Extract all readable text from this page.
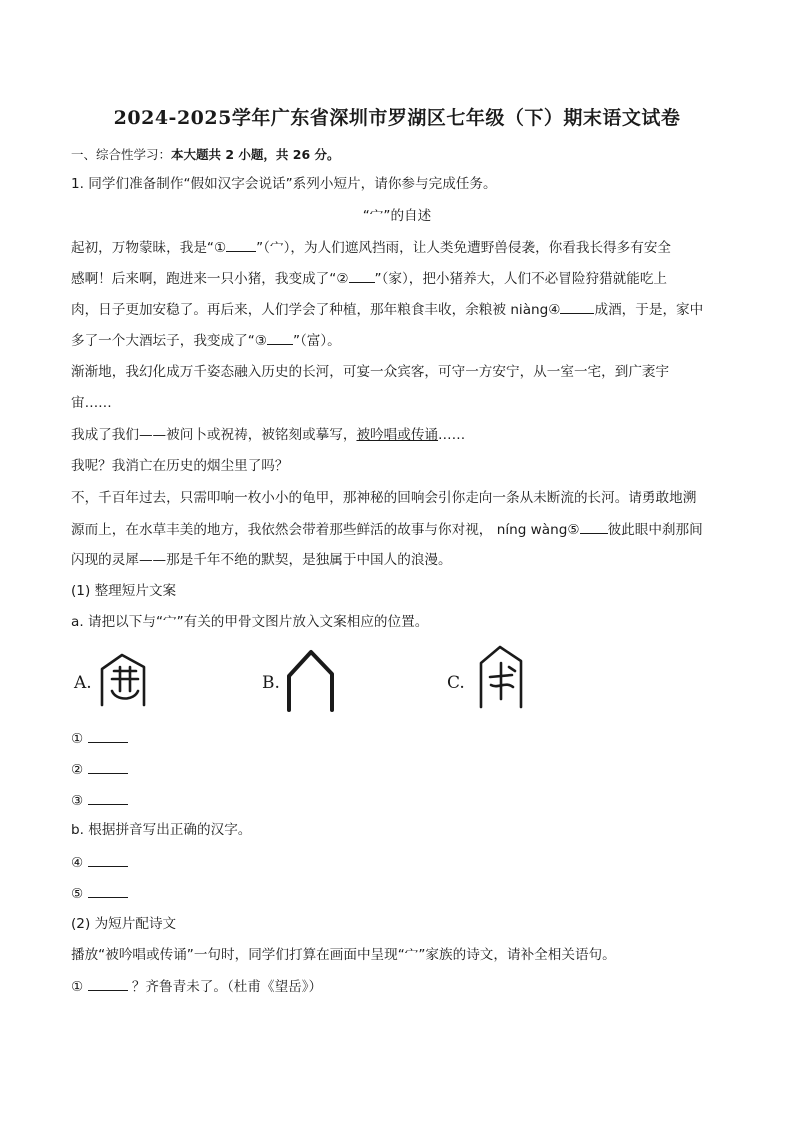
2024-2025学年广东省深圳市罗湖区七年级（下）期末语文试卷
一、综合性学习：本大题共 2 小题，共 26 分。
1. 同学们准备制作“假如汉字会说话”系列小短片，请你参与完成任务。
“宀”的自述
起初，万物蒙昧，我是“① ”（宀），为人们遮风挡雨，让人类免遭野兽侵袭，你看我长得多有安全
感啊！后来啊，跑进来一只小猪，我变成了“② ”（家），把小猪养大，人们不必冒险狩猎就能吃上
肉，日子更加安稳了。再后来，人们学会了种植，那年粮食丰收，余粮被 niàng④	成酒，于是，家中
多了一个大酒坛子，我变成了“③ ”（富）。
渐渐地，我幻化成万千姿态融入历史的长河，可宴一众宾客，可守一方安宁，从一室一宅，到广袤宇
宙……
我成了我们——被问卜或祝祷，被铭刻或摹写，被吟唱或传诵……
我呢？我消亡在历史的烟尘里了吗？
不，千百年过去，只需叩响一枚小小的龟甲，那神秘的回响会引你走向一条从未断流的长河。请勇敢地溯
源而上，在水草丰美的地方，我依然会带着那些鲜活的故事与你对视， níng wàng⑤ 彼此眼中刹那间
闪现的灵犀——那是千年不绝的默契，是独属于中国人的浪漫。
(1) 整理短片文案
a. 请把以下与“宀”有关的甲骨文图片放入文案相应的位置。
A.	B.	C.
①
②
③
b. 根据拼音写出正确的汉字。
④
⑤
(2) 为短片配诗文
播放“被吟唱或传诵”一句时，同学们打算在画面中呈现“宀”家族的诗文，请补全相关语句。
①	？齐鲁青未了。（杜甫《望岳》）
